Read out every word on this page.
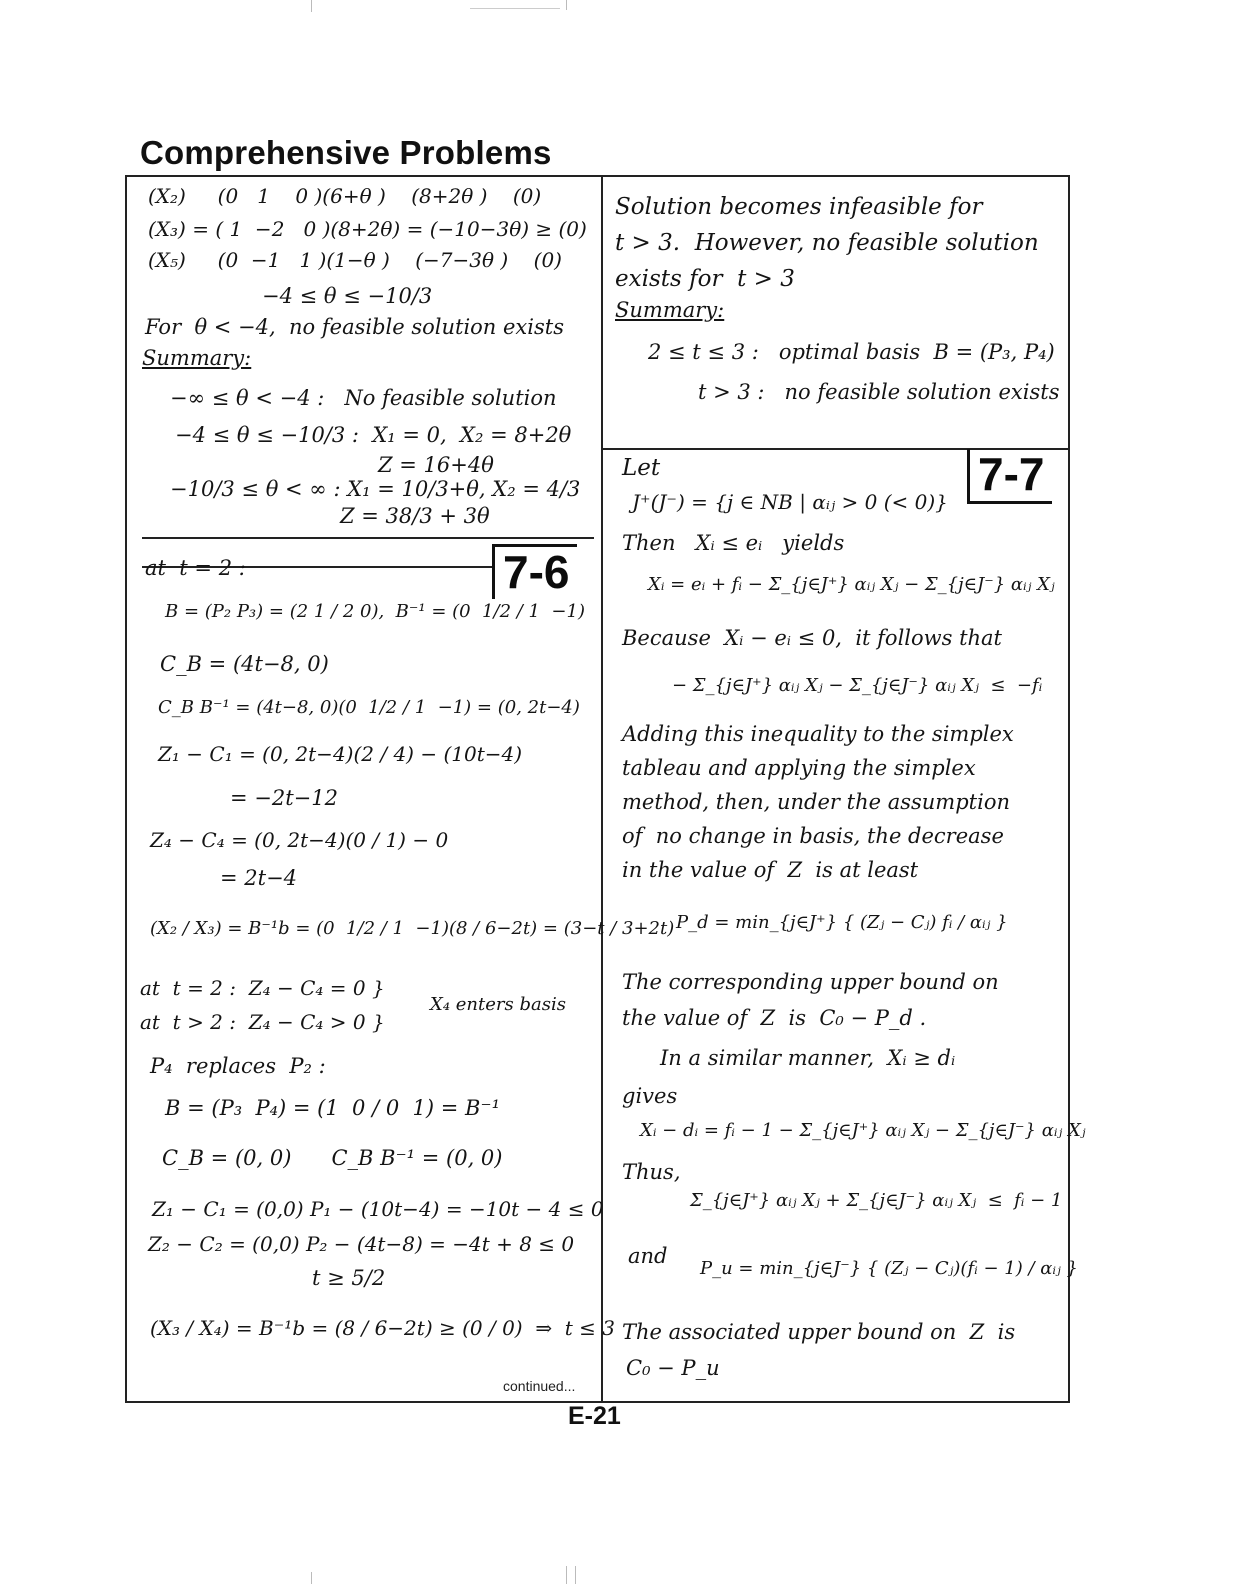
Comprehensive Problems
7-6
7-7
(X₂)     (0   1    0 )(6+θ )    (8+2θ )    (0)
(X₃) = ( 1  −2   0 )(8+2θ) = (−10−3θ) ≥ (0)
(X₅)     (0  −1   1 )(1−θ )    (−7−3θ )    (0)
−4 ≤ θ ≤ −10/3
For  θ < −4,  no feasible solution exists
Summary:
−∞ ≤ θ < −4 :   No feasible solution
−4 ≤ θ ≤ −10/3 :  X₁ = 0,  X₂ = 8+2θ
Z = 16+4θ
−10/3 ≤ θ < ∞ : X₁ = 10/3+θ, X₂ = 4/3
Z = 38/3 + 3θ
at  t = 2 :
B = (P₂ P₃) = (2 1 / 2 0),  B⁻¹ = (0  1/2 / 1  −1)
C_B = (4t−8, 0)
C_B B⁻¹ = (4t−8, 0)(0  1/2 / 1  −1) = (0, 2t−4)
Z₁ − C₁ = (0, 2t−4)(2 / 4) − (10t−4)
= −2t−12
Z₄ − C₄ = (0, 2t−4)(0 / 1) − 0
= 2t−4
(X₂ / X₃) = B⁻¹b = (0  1/2 / 1  −1)(8 / 6−2t) = (3−t / 3+2t)
at  t = 2 :  Z₄ − C₄ = 0 }
at  t > 2 :  Z₄ − C₄ > 0 }
X₄ enters basis
P₄  replaces  P₂ :
B = (P₃  P₄) = (1  0 / 0  1) = B⁻¹
C_B = (0, 0)      C_B B⁻¹ = (0, 0)
Z₁ − C₁ = (0,0) P₁ − (10t−4) = −10t − 4 ≤ 0
Z₂ − C₂ = (0,0) P₂ − (4t−8) = −4t + 8 ≤ 0
t ≥ 5/2
(X₃ / X₄) = B⁻¹b = (8 / 6−2t) ≥ (0 / 0)  ⇒  t ≤ 3
Solution becomes infeasible for
t > 3.  However, no feasible solution
exists for  t > 3
Summary:
2 ≤ t ≤ 3 :   optimal basis  B = (P₃, P₄)
t > 3 :   no feasible solution exists
Let
J⁺(J⁻) = {j ∈ NB | αᵢⱼ > 0 (< 0)}
Then   Xᵢ ≤ eᵢ   yields
Xᵢ = eᵢ + fᵢ − Σ_{j∈J⁺} αᵢⱼ Xⱼ − Σ_{j∈J⁻} αᵢⱼ Xⱼ
Because  Xᵢ − eᵢ ≤ 0,  it follows that
− Σ_{j∈J⁺} αᵢⱼ Xⱼ − Σ_{j∈J⁻} αᵢⱼ Xⱼ  ≤  −fᵢ
Adding this inequality to the simplex
tableau and applying the simplex
method, then, under the assumption
of  no change in basis, the decrease
in the value of  Z  is at least
P_d = min_{j∈J⁺} { (Zⱼ − Cⱼ) fᵢ / αᵢⱼ }
The corresponding upper bound on
the value of  Z  is  C₀ − P_d .
In a similar manner,  Xᵢ ≥ dᵢ
gives
Xᵢ − dᵢ = fᵢ − 1 − Σ_{j∈J⁺} αᵢⱼ Xⱼ − Σ_{j∈J⁻} αᵢⱼ Xⱼ
Thus,
Σ_{j∈J⁺} αᵢⱼ Xⱼ + Σ_{j∈J⁻} αᵢⱼ Xⱼ  ≤  fᵢ − 1
and
P_u = min_{j∈J⁻} { (Zⱼ − Cⱼ)(fᵢ − 1) / αᵢⱼ }
The associated upper bound on  Z  is
C₀ − P_u
continued...
E-21
